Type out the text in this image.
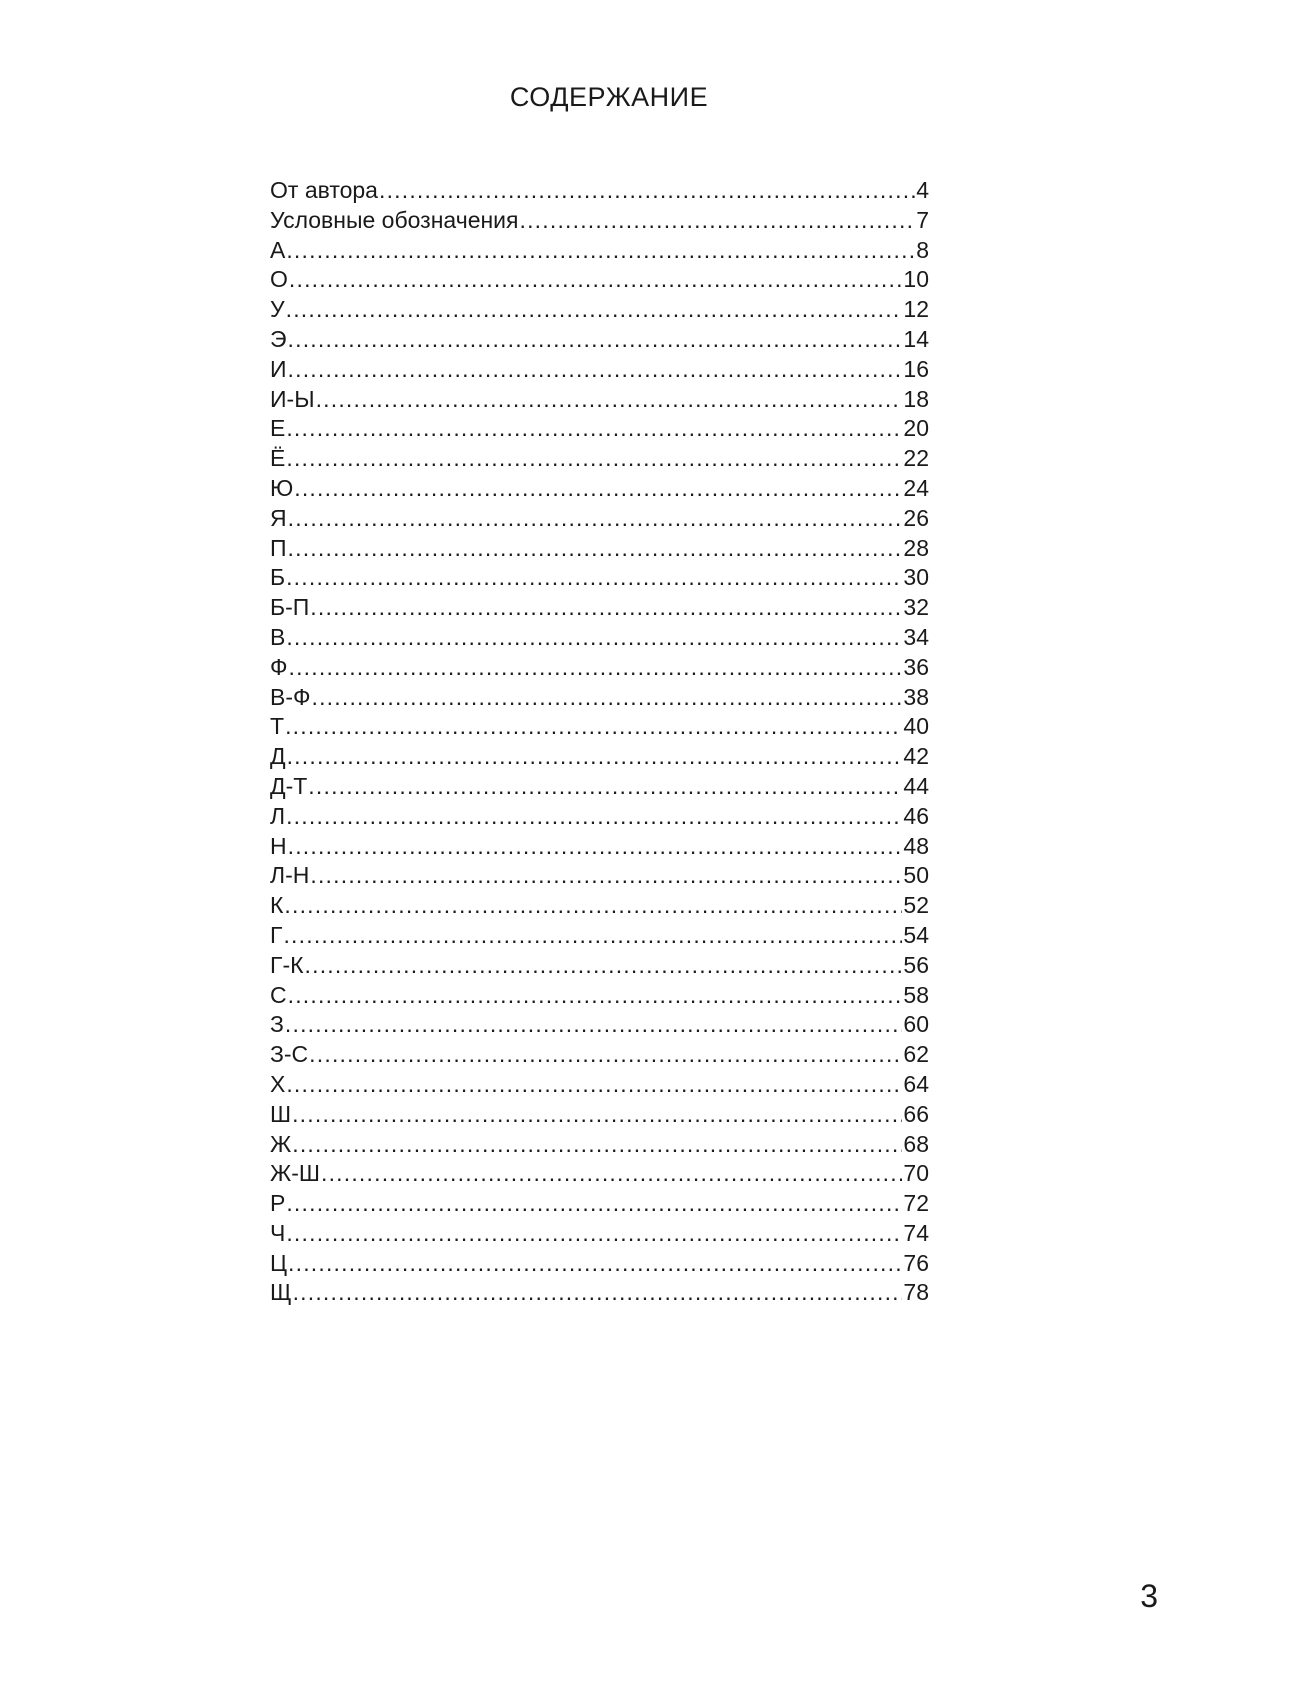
СОДЕРЖАНИЕ
От автора .....	4
Условные обозначения .....	7
А .....	8
О .....	10
У .....	12
Э .....	14
И .....	16
И-Ы .....	18
Е .....	20
Ё .....	22
Ю .....	24
Я .....	26
П .....	28
Б .....	30
Б-П .....	32
В .....	34
Ф .....	36
В-Ф .....	38
Т .....	40
Д .....	42
Д-Т .....	44
Л .....	46
Н .....	48
Л-Н .....	50
К .....	52
Г .....	54
Г-К .....	56
С .....	58
З .....	60
З-С .....	62
Х .....	64
Ш .....	66
Ж .....	68
Ж-Ш .....	70
Р .....	72
Ч .....	74
Ц .....	76
Щ .....	78
3
